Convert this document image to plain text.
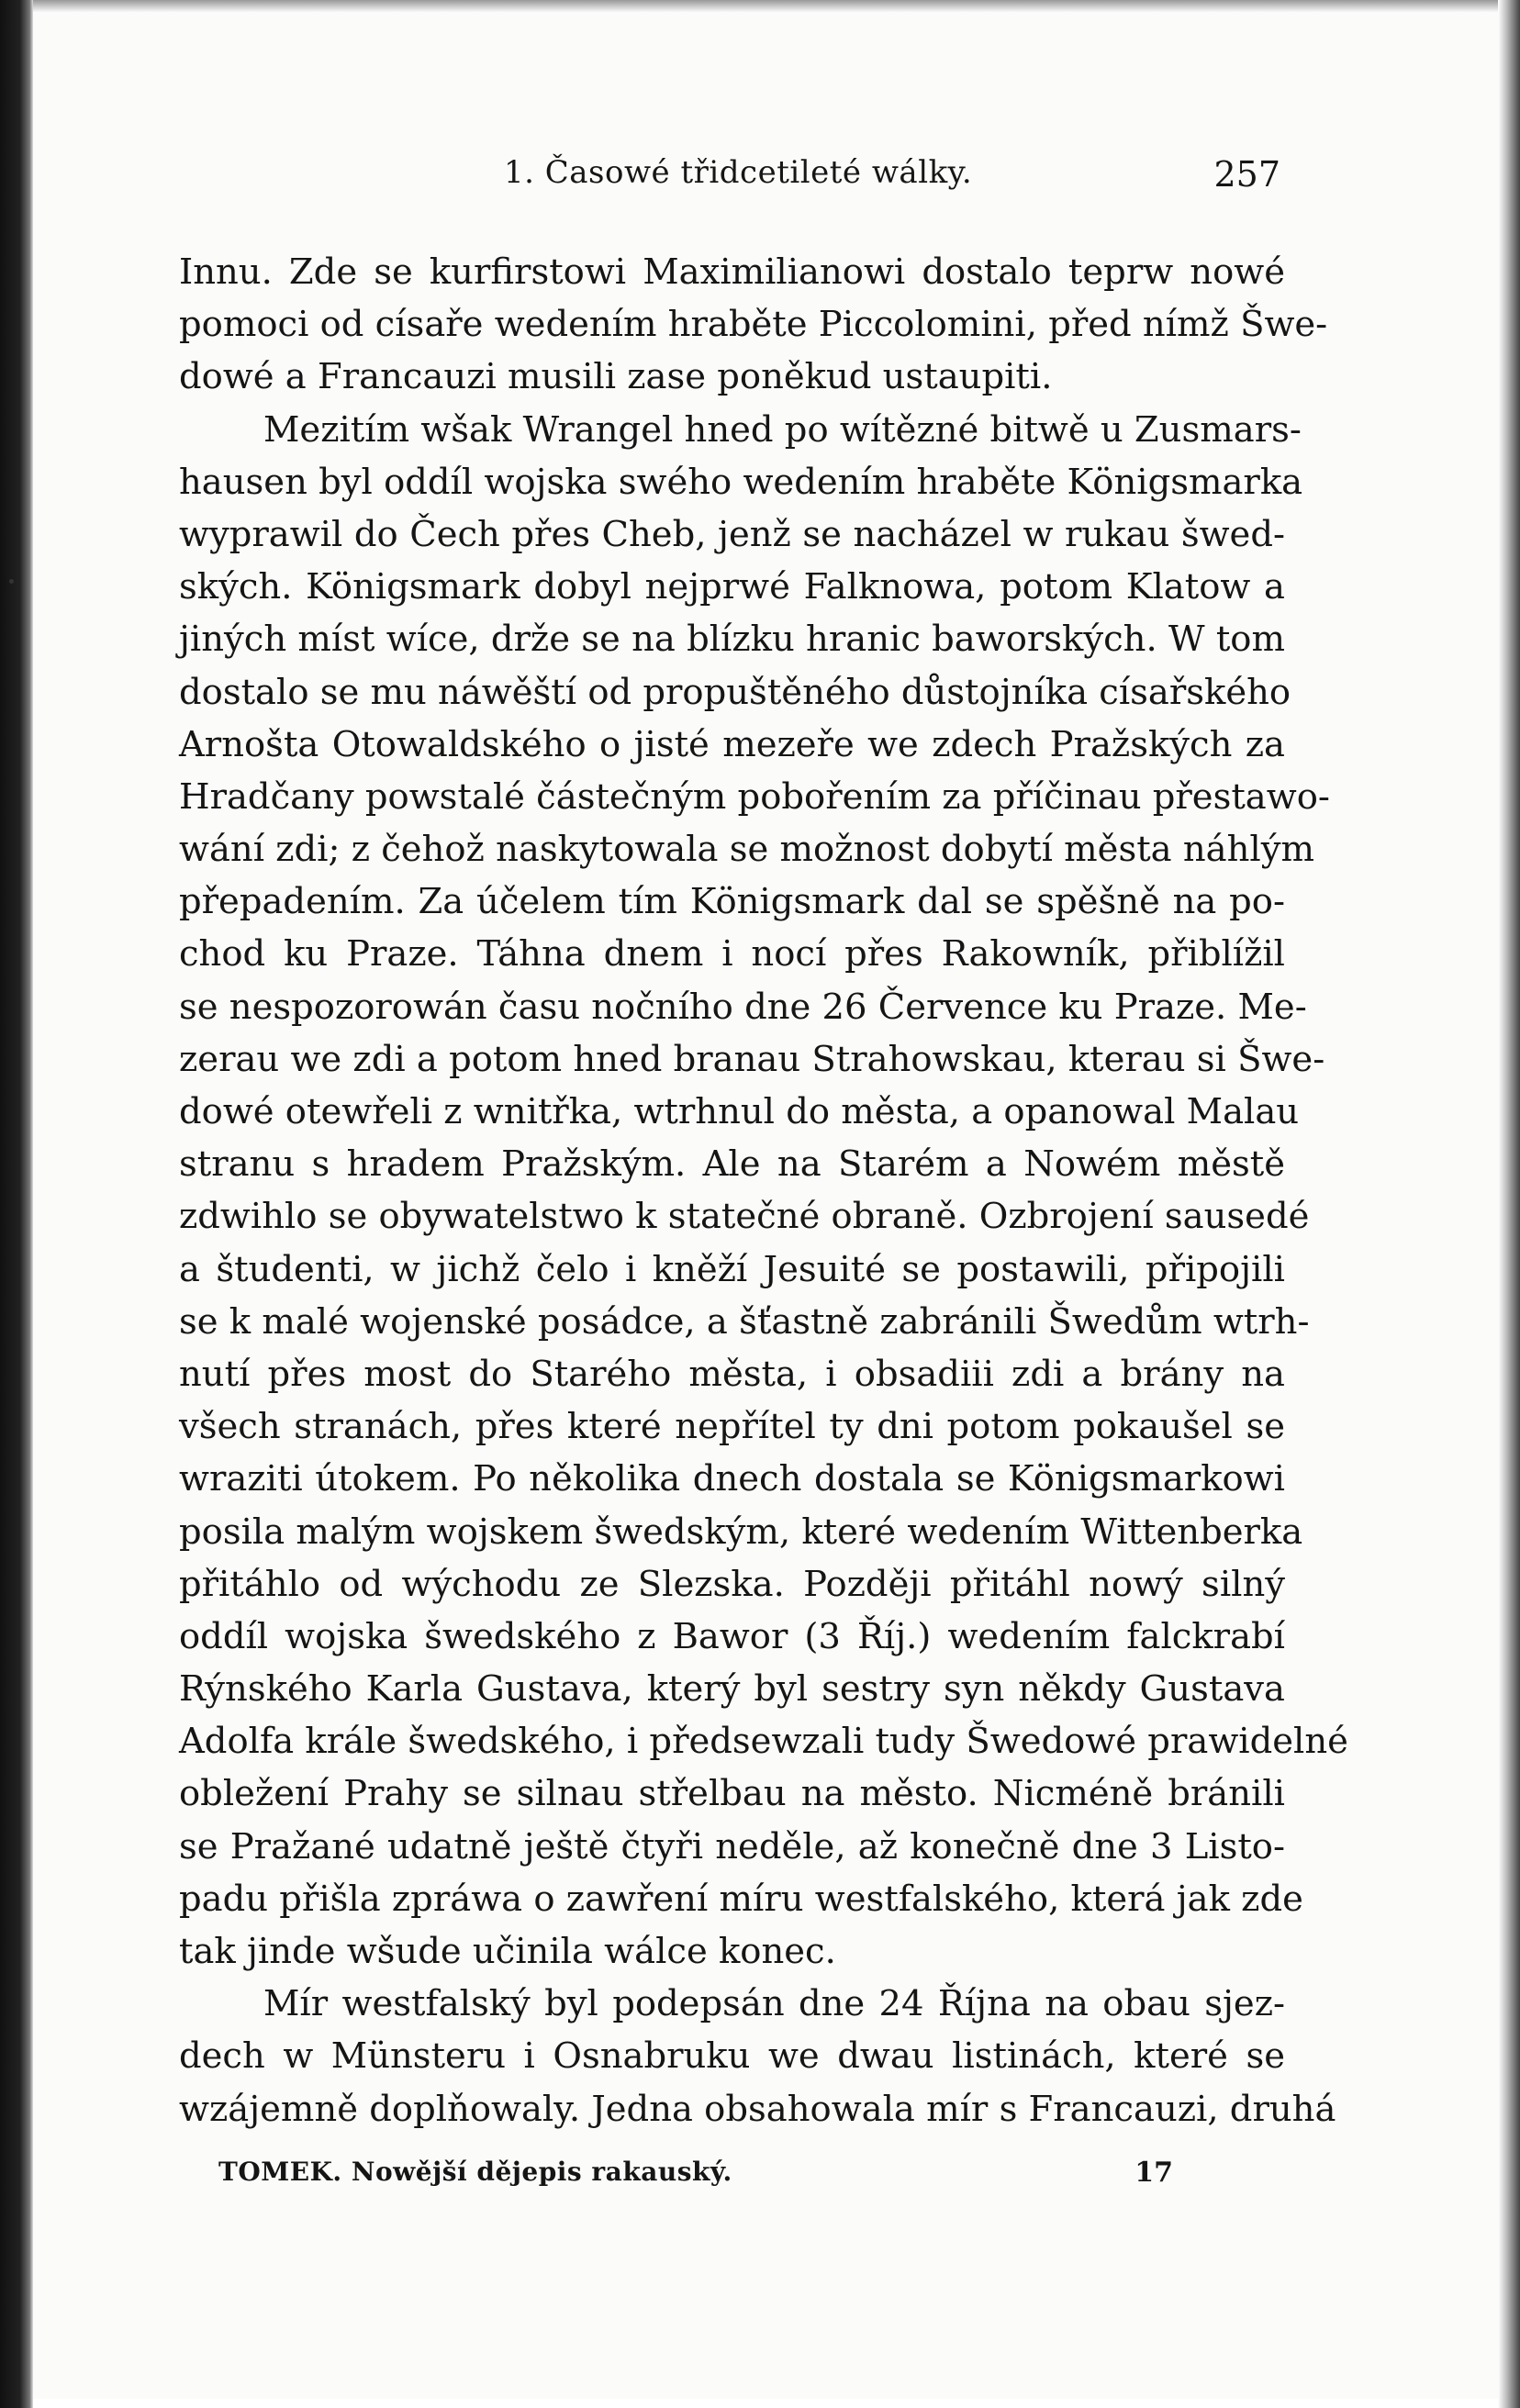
1. Časowé třidcetileté wálky.	257
Innu. Zde se kurfirstowi Maximilianowi dostalo teprw nowé
pomoci od císaře wedením hraběte Piccolomini, před nímž Šwe-
dowé a Francauzi musili zase poněkud ustaupiti.
Mezitím wšak Wrangel hned po wítězné bitwě u Zusmars-
hausen byl oddíl wojska swého wedením hraběte Königsmarka
wyprawil do Čech přes Cheb, jenž se nacházel w rukau šwed-
ských. Königsmark dobyl nejprwé Falknowa, potom Klatow a
jiných míst wíce, drže se na blízku hranic baworských. W tom
dostalo se mu náwěští od propuštěného důstojníka císařského
Arnošta Otowaldského o jisté mezeře we zdech Pražských za
Hradčany powstalé částečným pobořením za příčinau přestawo-
wání zdi; z čehož naskytowala se možnost dobytí města náhlým
přepadením. Za účelem tím Königsmark dal se spěšně na po-
chod ku Praze. Táhna dnem i nocí přes Rakowník, přiblížil
se nespozorowán času nočního dne 26 Července ku Praze. Me-
zerau we zdi a potom hned branau Strahowskau, kterau si Šwe-
dowé otewřeli z wnitřka, wtrhnul do města, a opanowal Malau
stranu s hradem Pražským. Ale na Starém a Nowém městě
zdwihlo se obywatelstwo k statečné obraně. Ozbrojení sausedé
a študenti, w jichž čelo i kněží Jesuité se postawili, připojili
se k malé wojenské posádce, a šťastně zabránili Šwedům wtrh-
nutí přes most do Starého města, i obsadiii zdi a brány na
všech stranách, přes které nepřítel ty dni potom pokaušel se
wraziti útokem. Po několika dnech dostala se Königsmarkowi
posila malým wojskem šwedským, které wedením Wittenberka
přitáhlo od wýchodu ze Slezska. Později přitáhl nowý silný
oddíl wojska šwedského z Bawor (3 Říj.) wedením falckrabí
Rýnského Karla Gustava, který byl sestry syn někdy Gustava
Adolfa krále šwedského, i předsewzali tudy Šwedowé prawidelné
obležení Prahy se silnau střelbau na město. Nicméně bránili
se Pražané udatně ještě čtyři neděle, až konečně dne 3 Listo-
padu přišla zpráwa o zawření míru westfalského, která jak zde
tak jinde wšude učinila wálce konec.
Mír westfalský byl podepsán dne 24 Října na obau sjez-
dech w Münsteru i Osnabruku we dwau listinách, které se
wzájemně doplňowaly. Jedna obsahowala mír s Francauzi, druhá
TOMEK. Nowější dějepis rakauský.	17
